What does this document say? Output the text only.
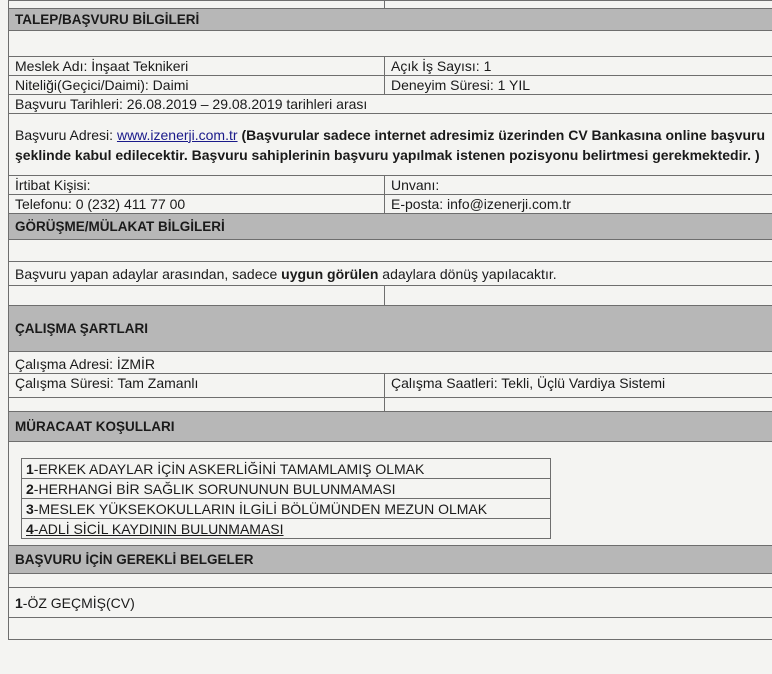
TALEP/BAŞVURU BİLGİLERİ

Meslek Adı: İnşaat Teknikeri	Açık İş Sayısı: 1
Niteliği(Geçici/Daimi): Daimi	Deneyim Süresi: 1 YIL
Başvuru Tarihleri: 26.08.2019 – 29.08.2019 tarihleri arası
Başvuru Adresi: www.izenerji.com.tr (Başvurular sadece internet adresimiz üzerinden CV Bankasına online başvuru şeklinde kabul edilecektir. Başvuru sahiplerinin başvuru yapılmak istenen pozisyonu belirtmesi gerekmektedir. )
İrtibat Kişisi:	Unvanı:
Telefonu: 0 (232) 411 77 00	E-posta: info@izenerji.com.tr
GÖRÜŞME/MÜLAKAT BİLGİLERİ

Başvuru yapan adaylar arasından, sadece uygun görülen adaylara dönüş yapılacaktır.

ÇALIŞMA ŞARTLARI
Çalışma Adresi: İZMİR
Çalışma Süresi: Tam Zamanlı	Çalışma Saatleri: Tekli, Üçlü Vardiya Sistemi

MÜRACAAT KOŞULLARI

1-ERKEK ADAYLAR İÇİN ASKERLİĞİNİ TAMAMLAMIŞ OLMAK
2-HERHANGİ BİR SAĞLIK SORUNUNUN BULUNMAMASI
3-MESLEK YÜKSEKOKULLARIN İLGİLİ BÖLÜMÜNDEN MEZUN OLMAK
4-ADLİ SİCİL KAYDININ BULUNMAMASI

BAŞVURU İÇİN GEREKLİ BELGELER

1-ÖZ GEÇMİŞ(CV)
